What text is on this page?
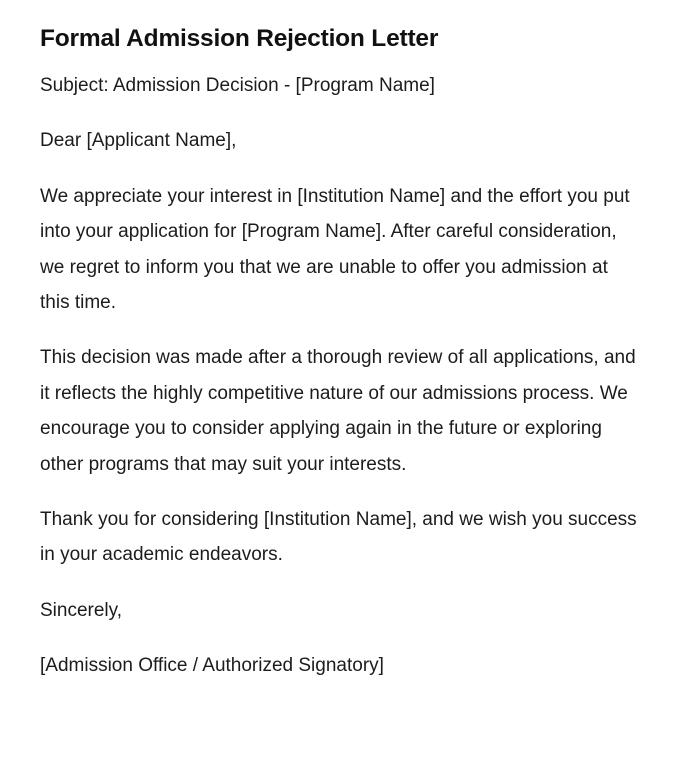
Formal Admission Rejection Letter

Subject: Admission Decision - [Program Name]

Dear [Applicant Name],

We appreciate your interest in [Institution Name] and the effort you put into your application for [Program Name]. After careful consideration, we regret to inform you that we are unable to offer you admission at this time.

This decision was made after a thorough review of all applications, and it reflects the highly competitive nature of our admissions process. We encourage you to consider applying again in the future or exploring other programs that may suit your interests.

Thank you for considering [Institution Name], and we wish you success in your academic endeavors.

Sincerely,

[Admission Office / Authorized Signatory]
